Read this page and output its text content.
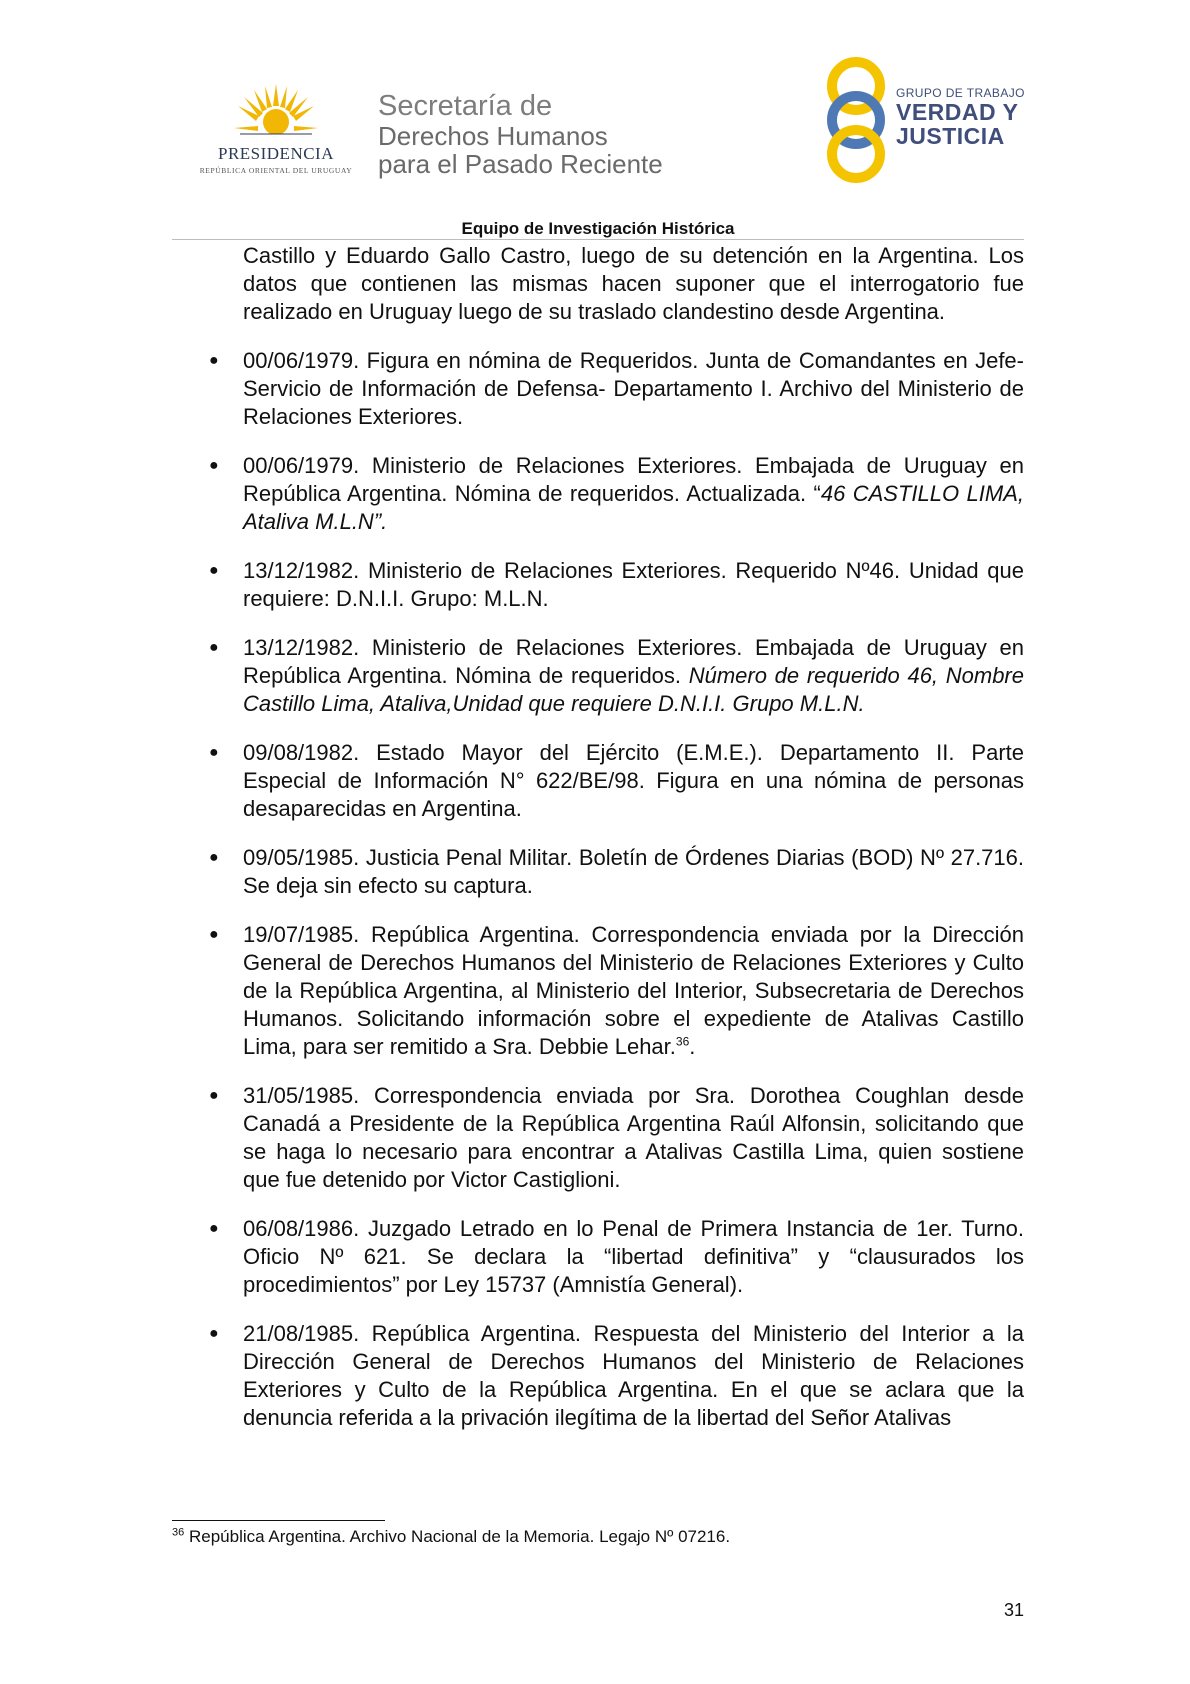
PRESIDENCIA
REPÚBLICA ORIENTAL DEL URUGUAY
Secretaría de
Derechos Humanos
para el Pasado Reciente
GRUPO DE TRABAJO
VERDAD Y
JUSTICIA
Equipo de Investigación Histórica

Castillo y Eduardo Gallo Castro, luego de su detención en la Argentina. Los datos que contienen las mismas hacen suponer que el interrogatorio fue realizado en Uruguay luego de su traslado clandestino desde Argentina.

● 00/06/1979. Figura en nómina de Requeridos. Junta de Comandantes en Jefe- Servicio de Información de Defensa- Departamento I. Archivo del Ministerio de Relaciones Exteriores.
● 00/06/1979. Ministerio de Relaciones Exteriores. Embajada de Uruguay en República Argentina. Nómina de requeridos. Actualizada. “46 CASTILLO LIMA, Ataliva M.L.N”.
● 13/12/1982. Ministerio de Relaciones Exteriores. Requerido Nº46. Unidad que requiere: D.N.I.I. Grupo: M.L.N.
● 13/12/1982. Ministerio de Relaciones Exteriores. Embajada de Uruguay en República Argentina. Nómina de requeridos. Número de requerido 46, Nombre Castillo Lima, Ataliva,Unidad que requiere D.N.I.I. Grupo M.L.N.
● 09/08/1982. Estado Mayor del Ejército (E.M.E.). Departamento II. Parte Especial de Información N° 622/BE/98. Figura en una nómina de personas desaparecidas en Argentina.
● 09/05/1985. Justicia Penal Militar. Boletín de Órdenes Diarias (BOD) Nº 27.716. Se deja sin efecto su captura.
● 19/07/1985. República Argentina. Correspondencia enviada por la Dirección General de Derechos Humanos del Ministerio de Relaciones Exteriores y Culto de la República Argentina, al Ministerio del Interior, Subsecretaria de Derechos Humanos. Solicitando información sobre el expediente de Atalivas Castillo Lima, para ser remitido a Sra. Debbie Lehar.$^{36}$.
● 31/05/1985. Correspondencia enviada por Sra. Dorothea Coughlan desde Canadá a Presidente de la República Argentina Raúl Alfonsin, solicitando que se haga lo necesario para encontrar a Atalivas Castilla Lima, quien sostiene que fue detenido por Victor Castiglioni.
● 06/08/1986. Juzgado Letrado en lo Penal de Primera Instancia de 1er. Turno. Oficio Nº 621. Se declara la “libertad definitiva” y “clausurados los procedimientos” por Ley 15737 (Amnistía General).
● 21/08/1985. República Argentina. Respuesta del Ministerio del Interior a la Dirección General de Derechos Humanos del Ministerio de Relaciones Exteriores y Culto de la República Argentina. En el que se aclara que la denuncia referida a la privación ilegítima de la libertad del Señor Atalivas
$^{36}$ República Argentina. Archivo Nacional de la Memoria. Legajo Nº 07216.
31
